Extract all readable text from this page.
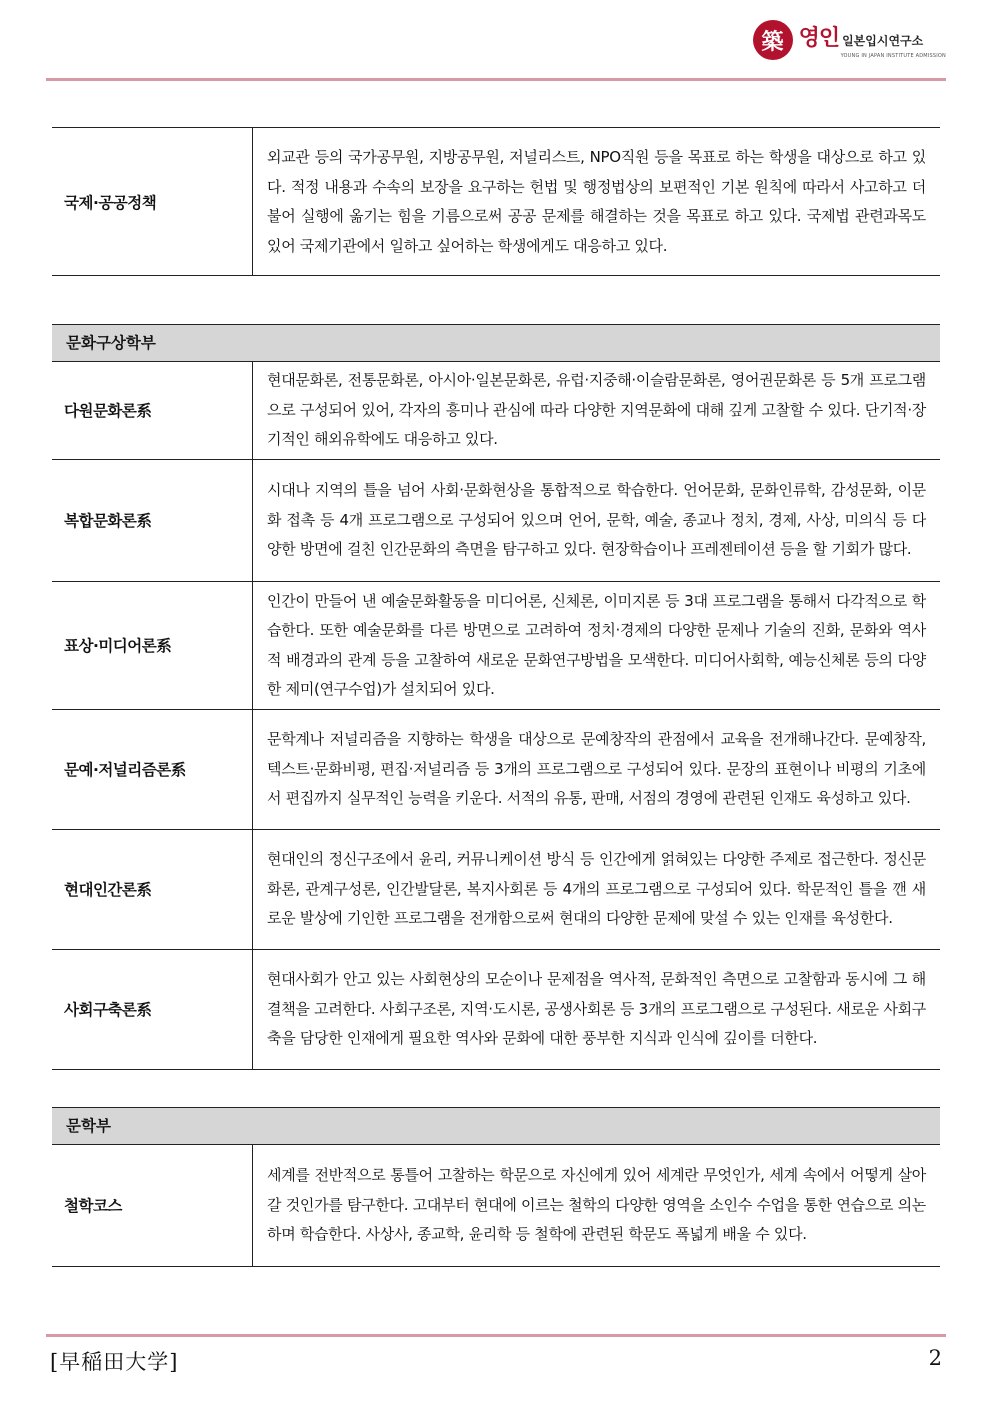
築 영인 일본입시연구소
YOUNG IN JAPAN INSTITUTE ADMISSION
국제·공공정책	외교관 등의 국가공무원, 지방공무원, 저널리스트, NPO직원 등을 목표로 하는 학생을 대상으로 하고 있다. 적정 내용과 수속의 보장을 요구하는 헌법 및 행정법상의 보편적인 기본 원칙에 따라서 사고하고 더불어 실행에 옮기는 힘을 기름으로써 공공 문제를 해결하는 것을 목표로 하고 있다. 국제법 관련과목도 있어 국제기관에서 일하고 싶어하는 학생에게도 대응하고 있다.
문화구상학부
다원문화론系	현대문화론, 전통문화론, 아시아·일본문화론, 유럽·지중해·이슬람문화론, 영어권문화론 등 5개 프로그램으로 구성되어 있어, 각자의 흥미나 관심에 따라 다양한 지역문화에 대해 깊게 고찰할 수 있다. 단기적·장기적인 해외유학에도 대응하고 있다.
복합문화론系	시대나 지역의 틀을 넘어 사회·문화현상을 통합적으로 학습한다. 언어문화, 문화인류학, 감성문화, 이문화 접촉 등 4개 프로그램으로 구성되어 있으며 언어, 문학, 예술, 종교나 정치, 경제, 사상, 미의식 등 다양한 방면에 걸친 인간문화의 측면을 탐구하고 있다. 현장학습이나 프레젠테이션 등을 할 기회가 많다.
표상·미디어론系	인간이 만들어 낸 예술문화활동을 미디어론, 신체론, 이미지론 등 3대 프로그램을 통해서 다각적으로 학습한다. 또한 예술문화를 다른 방면으로 고려하여 정치·경제의 다양한 문제나 기술의 진화, 문화와 역사적 배경과의 관계 등을 고찰하여 새로운 문화연구방법을 모색한다. 미디어사회학, 예능신체론 등의 다양한 제미(연구수업)가 설치되어 있다.
문예·저널리즘론系	문학계나 저널리즘을 지향하는 학생을 대상으로 문예창작의 관점에서 교육을 전개해나간다. 문예창작, 텍스트·문화비평, 편집·저널리즘 등 3개의 프로그램으로 구성되어 있다. 문장의 표현이나 비평의 기초에서 편집까지 실무적인 능력을 키운다. 서적의 유통, 판매, 서점의 경영에 관련된 인재도 육성하고 있다.
현대인간론系	현대인의 정신구조에서 윤리, 커뮤니케이션 방식 등 인간에게 얽혀있는 다양한 주제로 접근한다. 정신문화론, 관계구성론, 인간발달론, 복지사회론 등 4개의 프로그램으로 구성되어 있다. 학문적인 틀을 깬 새로운 발상에 기인한 프로그램을 전개함으로써 현대의 다양한 문제에 맞설 수 있는 인재를 육성한다.
사회구축론系	현대사회가 안고 있는 사회현상의 모순이나 문제점을 역사적, 문화적인 측면으로 고찰함과 동시에 그 해결책을 고려한다. 사회구조론, 지역·도시론, 공생사회론 등 3개의 프로그램으로 구성된다. 새로운 사회구축을 담당한 인재에게 필요한 역사와 문화에 대한 풍부한 지식과 인식에 깊이를 더한다.
문학부
철학코스	세계를 전반적으로 통틀어 고찰하는 학문으로 자신에게 있어 세계란 무엇인가, 세계 속에서 어떻게 살아갈 것인가를 탐구한다. 고대부터 현대에 이르는 철학의 다양한 영역을 소인수 수업을 통한 연습으로 의논하며 학습한다. 사상사, 종교학, 윤리학 등 철학에 관련된 학문도 폭넓게 배울 수 있다.
[早稲田大学]	2
